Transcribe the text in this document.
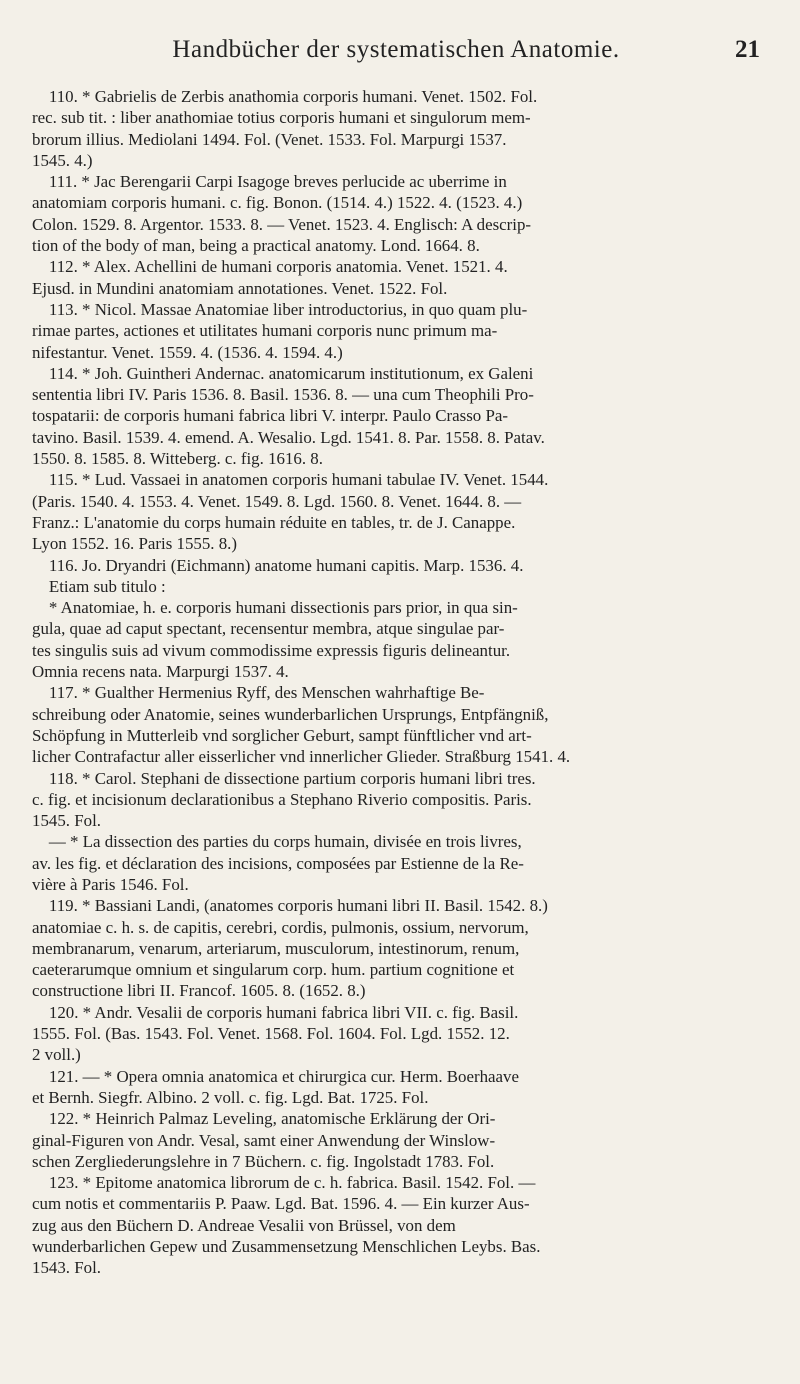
Handbücher der systematischen Anatomie.	21

110. * Gabrielis de Zerbis anathomia corporis humani. Venet. 1502. Fol.
rec. sub tit. : liber anathomiae totius corporis humani et singulorum mem-
brorum illius. Mediolani 1494. Fol. (Venet. 1533. Fol. Marpurgi 1537.
1545. 4.)

111. * Jac Berengarii Carpi Isagoge breves perlucide ac uberrime in
anatomiam corporis humani. c. fig. Bonon. (1514. 4.) 1522. 4. (1523. 4.)
Colon. 1529. 8. Argentor. 1533. 8. — Venet. 1523. 4. Englisch: A descrip-
tion of the body of man, being a practical anatomy. Lond. 1664. 8.

112. * Alex. Achellini de humani corporis anatomia. Venet. 1521. 4.
Ejusd. in Mundini anatomiam annotationes. Venet. 1522. Fol.

113. * Nicol. Massae Anatomiae liber introductorius, in quo quam plu-
rimae partes, actiones et utilitates humani corporis nunc primum ma-
nifestantur. Venet. 1559. 4. (1536. 4. 1594. 4.)

114. * Joh. Guintheri Andernac. anatomicarum institutionum, ex Galeni
sententia libri IV. Paris 1536. 8. Basil. 1536. 8. — una cum Theophili Pro-
tospatarii: de corporis humani fabrica libri V. interpr. Paulo Crasso Pa-
tavino. Basil. 1539. 4. emend. A. Wesalio. Lgd. 1541. 8. Par. 1558. 8. Patav.
1550. 8. 1585. 8. Witteberg. c. fig. 1616. 8.

115. * Lud. Vassaei in anatomen corporis humani tabulae IV. Venet. 1544.
(Paris. 1540. 4. 1553. 4. Venet. 1549. 8. Lgd. 1560. 8. Venet. 1644. 8. —
Franz.: L'anatomie du corps humain réduite en tables, tr. de J. Canappe.
Lyon 1552. 16. Paris 1555. 8.)

116. Jo. Dryandri (Eichmann) anatome humani capitis. Marp. 1536. 4.
Etiam sub titulo :
* Anatomiae, h. e. corporis humani dissectionis pars prior, in qua sin-
gula, quae ad caput spectant, recensentur membra, atque singulae par-
tes singulis suis ad vivum commodissime expressis figuris delineantur.
Omnia recens nata. Marpurgi 1537. 4.

117. * Gualther Hermenius Ryff, des Menschen wahrhaftige Be-
schreibung oder Anatomie, seines wunderbarlichen Ursprungs, Entpfängniß,
Schöpfung in Mutterleib vnd sorglicher Geburt, sampt fünftlicher vnd art-
licher Contrafactur aller eisserlicher vnd innerlicher Glieder. Straßburg 1541. 4.

118. * Carol. Stephani de dissectione partium corporis humani libri tres.
c. fig. et incisionum declarationibus a Stephano Riverio compositis. Paris.
1545. Fol.

— * La dissection des parties du corps humain, divisée en trois livres,
av. les fig. et déclaration des incisions, composées par Estienne de la Re-
vière à Paris 1546. Fol.

119. * Bassiani Landi, (anatomes corporis humani libri II. Basil. 1542. 8.)
anatomiae c. h. s. de capitis, cerebri, cordis, pulmonis, ossium, nervorum,
membranarum, venarum, arteriarum, musculorum, intestinorum, renum,
caeterarumque omnium et singularum corp. hum. partium cognitione et
constructione libri II. Francof. 1605. 8. (1652. 8.)

120. * Andr. Vesalii de corporis humani fabrica libri VII. c. fig. Basil.
1555. Fol. (Bas. 1543. Fol. Venet. 1568. Fol. 1604. Fol. Lgd. 1552. 12.
2 voll.)

121. — * Opera omnia anatomica et chirurgica cur. Herm. Boerhaave
et Bernh. Siegfr. Albino. 2 voll. c. fig. Lgd. Bat. 1725. Fol.

122. * Heinrich Palmaz Leveling, anatomische Erklärung der Ori-
ginal-Figuren von Andr. Vesal, samt einer Anwendung der Winslow-
schen Zergliederungslehre in 7 Büchern. c. fig. Ingolstadt 1783. Fol.

123. * Epitome anatomica librorum de c. h. fabrica. Basil. 1542. Fol. —
cum notis et commentariis P. Paaw. Lgd. Bat. 1596. 4. — Ein kurzer Aus-
zug aus den Büchern D. Andreae Vesalii von Brüssel, von dem
wunderbarlichen Gepew und Zusammensetzung Menschlichen Leybs. Bas.
1543. Fol.
